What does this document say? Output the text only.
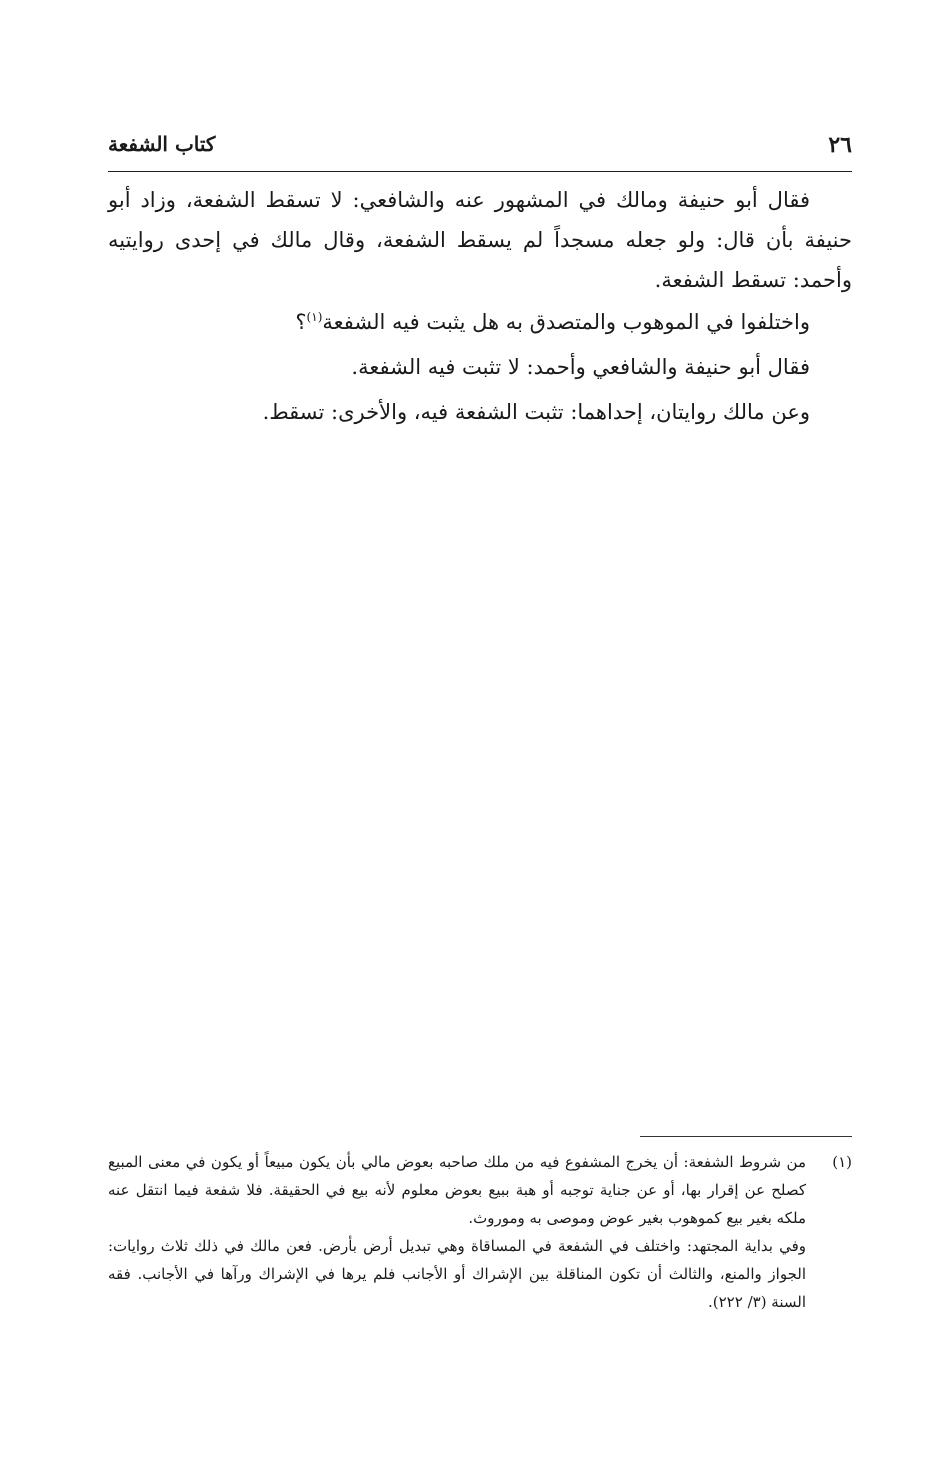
٢٦
كتاب الشفعة

فقال أبو حنيفة ومالك في المشهور عنه والشافعي: لا تسقط الشفعة، وزاد أبو حنيفة بأن قال: ولو جعله مسجداً لم يسقط الشفعة، وقال مالك في إحدى روايتيه وأحمد: تسقط الشفعة.

واختلفوا في الموهوب والمتصدق به هل يثبت فيه الشفعة$^{(١)}$؟

فقال أبو حنيفة والشافعي وأحمد: لا تثبت فيه الشفعة.

وعن مالك روايتان، إحداهما: تثبت الشفعة فيه، والأخرى: تسقط.

(١)

من شروط الشفعة: أن يخرج المشفوع فيه من ملك صاحبه بعوض مالي بأن يكون مبيعاً أو يكون في معنى المبيع كصلح عن إقرار بها، أو عن جناية توجبه أو هبة ببيع بعوض معلوم لأنه بيع في الحقيقة. فلا شفعة فيما انتقل عنه ملكه بغير بيع كموهوب بغير عوض وموصى به وموروث.

وفي بداية المجتهد: واختلف في الشفعة في المساقاة وهي تبديل أرض بأرض. فعن مالك في ذلك ثلاث روايات: الجواز والمنع، والثالث أن تكون المناقلة بين الإشراك أو الأجانب فلم يرها في الإشراك ورآها في الأجانب. فقه السنة (٣/ ٢٢٢).
